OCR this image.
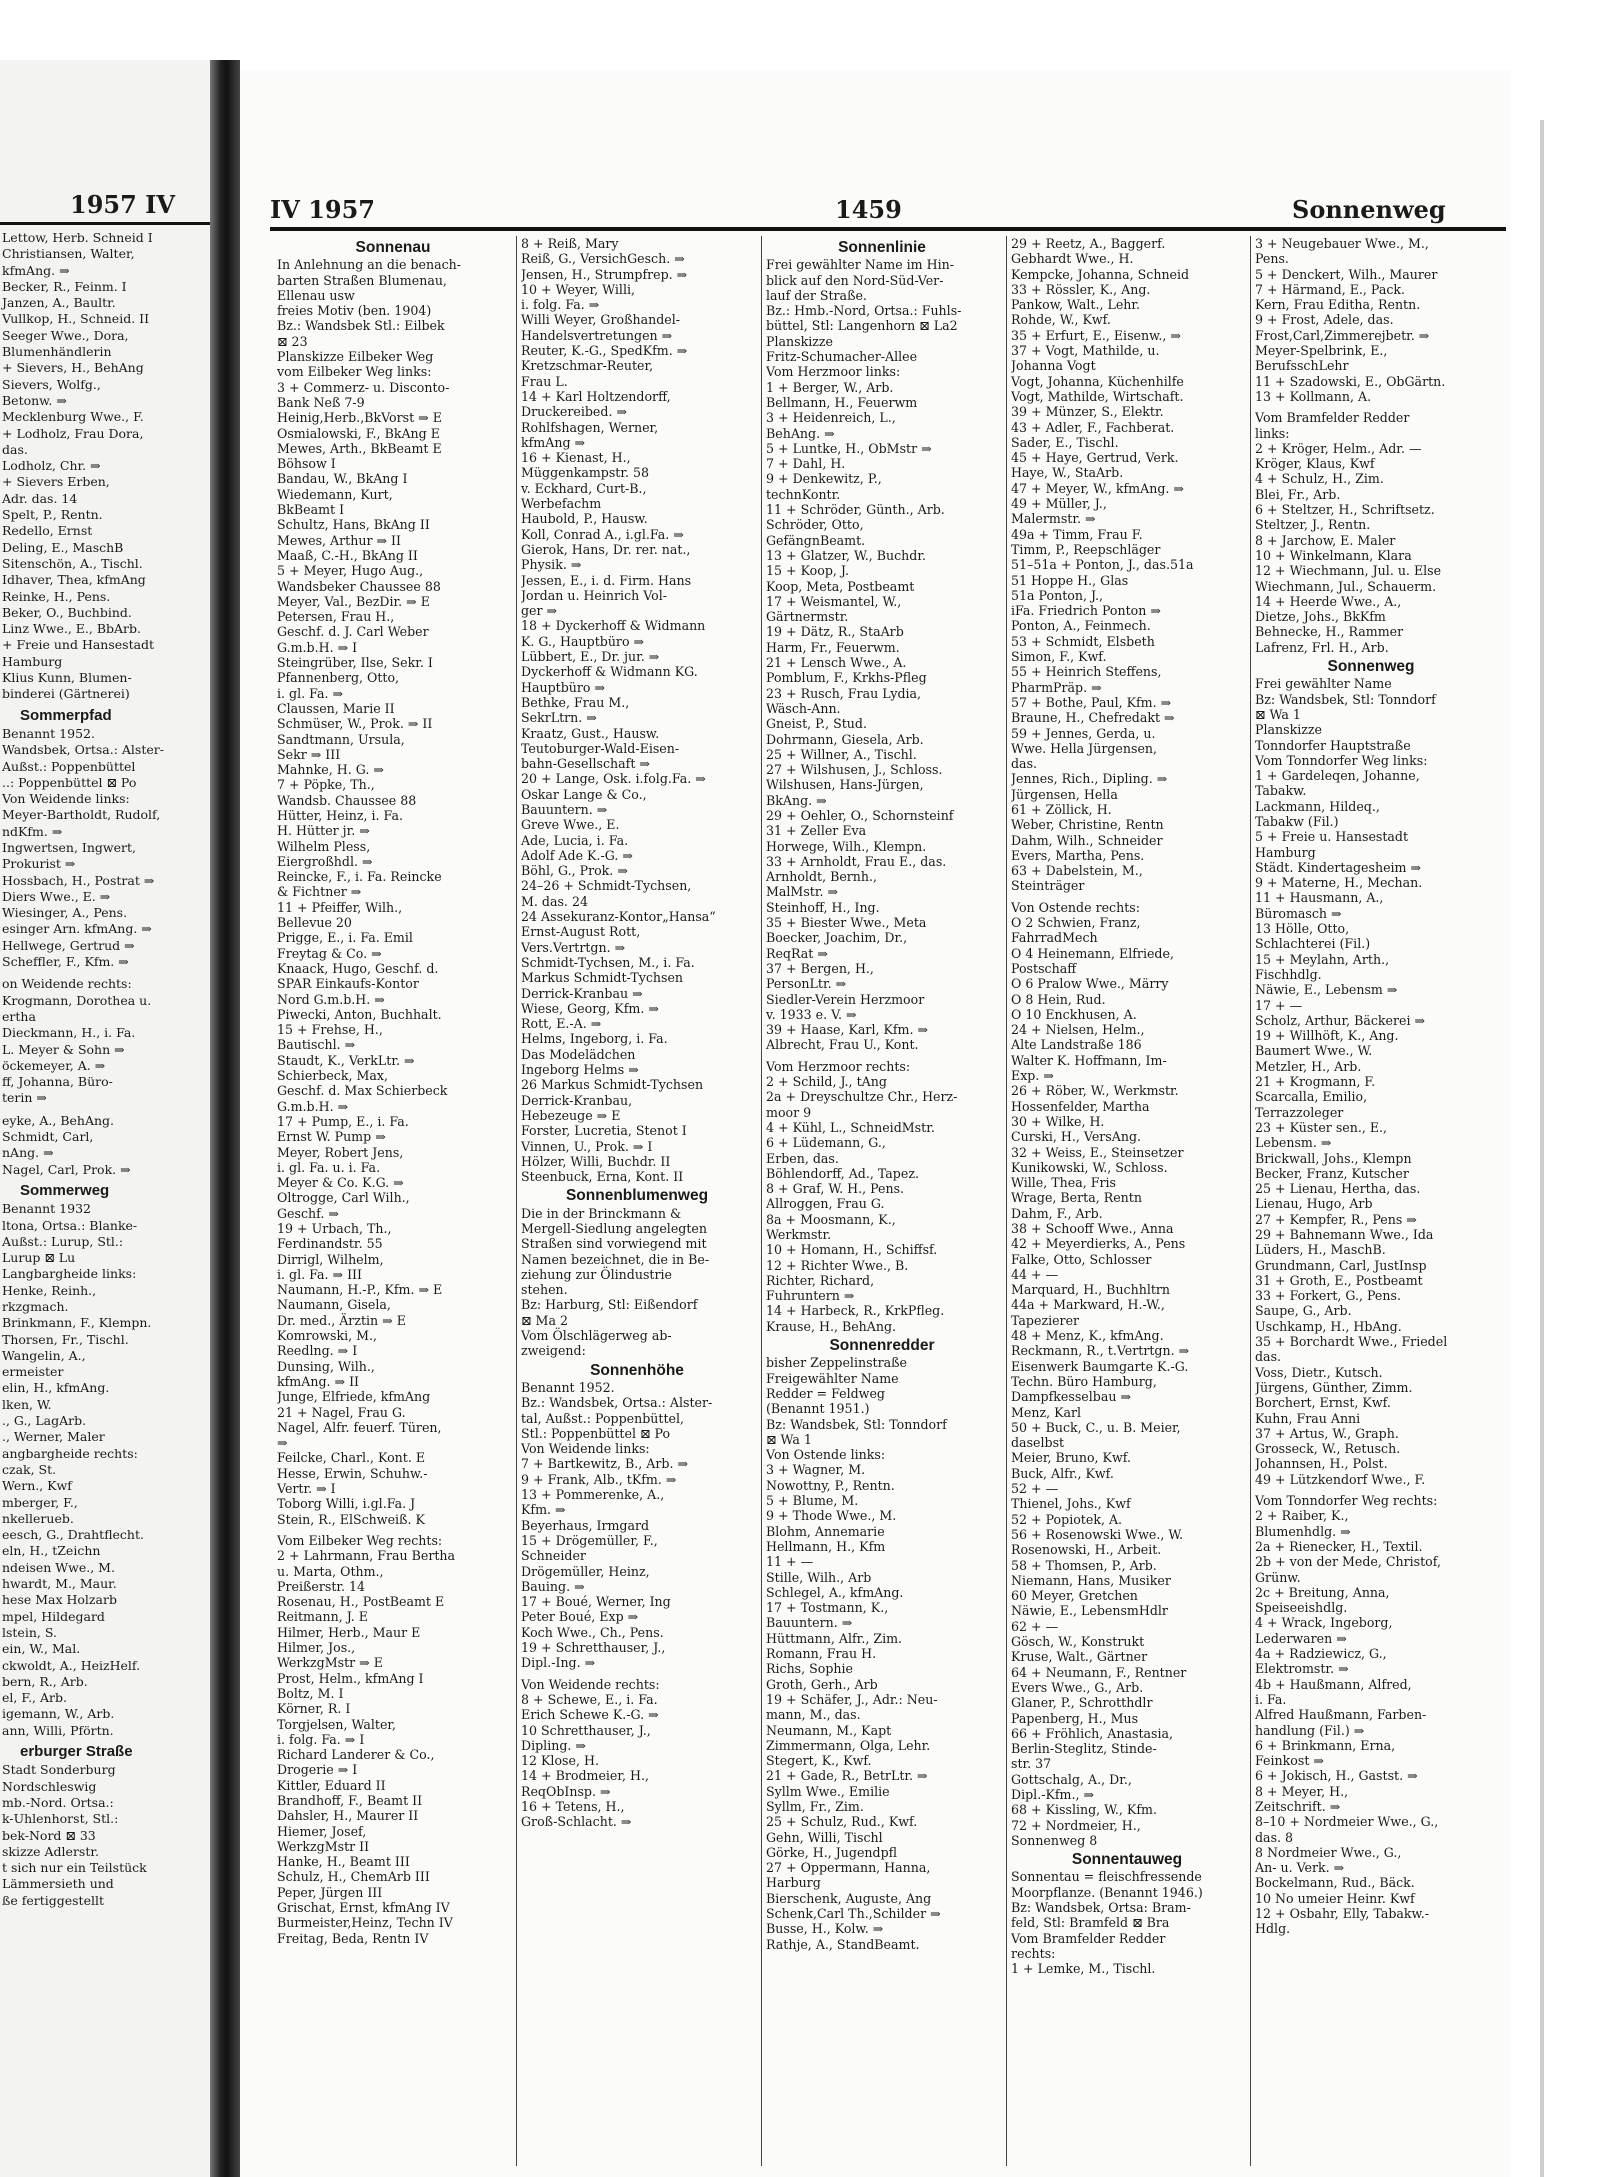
1957 IV
Lettow, Herb. Schneid I
Christiansen, Walter,
kfmAng. ⇒
Becker, R., Feinm. I
Janzen, A., Baultr.
Vullkop, H., Schneid. II
Seeger Wwe., Dora,
Blumenhändlerin
+ Sievers, H., BehAng
Sievers, Wolfg.,
Betonw. ⇒
Mecklenburg Wwe., F.
+ Lodholz, Frau Dora,
das.
Lodholz, Chr. ⇒
+ Sievers Erben,
Adr. das. 14
Spelt, P., Rentn.
Redello, Ernst
Deling, E., MaschB
Sitenschön, A., Tischl.
Idhaver, Thea, kfmAng
Reinke, H., Pens.
Beker, O., Buchbind.
Linz Wwe., E., BbArb.
+ Freie und Hansestadt
Hamburg
Klius Kunn, Blumen-
binderei (Gärtnerei)
Sommerpfad
Benannt 1952.
Wandsbek, Ortsa.: Alster-
Außst.: Poppenbüttel
..: Poppenbüttel ⊠ Po
Von Weidende links:
Meyer-Bartholdt, Rudolf,
ndKfm. ⇒
Ingwertsen, Ingwert,
Prokurist ⇒
Hossbach, H., Postrat ⇒
Diers Wwe., E. ⇒
Wiesinger, A., Pens.
esinger Arn. kfmAng. ⇒
Hellwege, Gertrud ⇒
Scheffler, F., Kfm. ⇒
on Weidende rechts:
Krogmann, Dorothea u.
ertha
Dieckmann, H., i. Fa.
L. Meyer & Sohn ⇒
öckemeyer, A. ⇒
ff, Johanna, Büro-
terin ⇒
eyke, A., BehAng.
Schmidt, Carl,
nAng. ⇒
Nagel, Carl, Prok. ⇒
Sommerweg
Benannt 1932
ltona, Ortsa.: Blanke-
Außst.: Lurup, Stl.:
Lurup ⊠ Lu
Langbargheide links:
Henke, Reinh.,
rkzgmach.
Brinkmann, F., Klempn.
Thorsen, Fr., Tischl.
Wangelin, A.,
ermeister
elin, H., kfmAng.
lken, W.
., G., LagArb.
., Werner, Maler
angbargheide rechts:
czak, St.
Wern., Kwf
mberger, F.,
nkellerueb.
eesch, G., Drahtflecht.
eln, H., tZeichn
ndeisen Wwe., M.
hwardt, M., Maur.
hese Max Holzarb
mpel, Hildegard
lstein, S.
ein, W., Mal.
ckwoldt, A., HeizHelf.
bern, R., Arb.
el, F., Arb.
igemann, W., Arb.
ann, Willi, Pförtn.
erburger Straße
Stadt Sonderburg
Nordschleswig
mb.-Nord. Ortsa.:
k-Uhlenhorst, Stl.:
bek-Nord ⊠ 33
skizze Adlerstr.
t sich nur ein Teilstück
Lämmersieth und
ße fertiggestellt
IV 1957	1459	Sonnenweg
Sonnenau
In Anlehnung an die benach-
barten Straßen Blumenau,
Ellenau usw
freies Motiv (ben. 1904)
Bz.: Wandsbek Stl.: Eilbek
⊠ 23
Planskizze Eilbeker Weg
vom Eilbeker Weg links:
3 + Commerz- u. Disconto-
Bank Neß 7-9
Heinig,Herb.,BkVorst ⇒ E
Osmialowski, F., BkAng E
Mewes, Arth., BkBeamt E
Böhsow I
Bandau, W., BkAng I
Wiedemann, Kurt,
BkBeamt I
Schultz, Hans, BkAng II
Mewes, Arthur ⇒ II
Maaß, C.-H., BkAng II
5 + Meyer, Hugo Aug.,
Wandsbeker Chaussee 88
Meyer, Val., BezDir. ⇒ E
Petersen, Frau H.,
Geschf. d. J. Carl Weber
G.m.b.H. ⇒ I
Steingrüber, Ilse, Sekr. I
Pfannenberg, Otto,
i. gl. Fa. ⇒
Claussen, Marie II
Schmüser, W., Prok. ⇒ II
Sandtmann, Ursula,
Sekr ⇒ III
Mahnke, H. G. ⇒
7 + Pöpke, Th.,
Wandsb. Chaussee 88
Hütter, Heinz, i. Fa.
H. Hütter jr. ⇒
Wilhelm Pless,
Eiergroßhdl. ⇒
Reincke, F., i. Fa. Reincke
& Fichtner ⇒
11 + Pfeiffer, Wilh.,
Bellevue 20
Prigge, E., i. Fa. Emil
Freytag & Co. ⇒
Knaack, Hugo, Geschf. d.
SPAR Einkaufs-Kontor
Nord G.m.b.H. ⇒
Piwecki, Anton, Buchhalt.
15 + Frehse, H.,
Bautischl. ⇒
Staudt, K., VerkLtr. ⇒
Schierbeck, Max,
Geschf. d. Max Schierbeck
G.m.b.H. ⇒
17 + Pump, E., i. Fa.
Ernst W. Pump ⇒
Meyer, Robert Jens,
i. gl. Fa. u. i. Fa.
Meyer & Co. K.G. ⇒
Oltrogge, Carl Wilh.,
Geschf. ⇒
19 + Urbach, Th.,
Ferdinandstr. 55
Dirrigl, Wilhelm,
i. gl. Fa. ⇒ III
Naumann, H.-P., Kfm. ⇒ E
Naumann, Gisela,
Dr. med., Ärztin ⇒ E
Komrowski, M.,
Reedlng. ⇒ I
Dunsing, Wilh.,
kfmAng. ⇒ II
Junge, Elfriede, kfmAng
21 + Nagel, Frau G.
Nagel, Alfr. feuerf. Türen,
⇒
Feilcke, Charl., Kont. E
Hesse, Erwin, Schuhw.-
Vertr. ⇒ I
Toborg Willi, i.gl.Fa. J
Stein, R., ElSchweiß. K
Vom Eilbeker Weg rechts:
2 + Lahrmann, Frau Bertha
u. Marta, Othm.,
Preißerstr. 14
Rosenau, H., PostBeamt E
Reitmann, J. E
Hilmer, Herb., Maur E
Hilmer, Jos.,
WerkzgMstr ⇒ E
Prost, Helm., kfmAng I
Boltz, M. I
Körner, R. I
Torgjelsen, Walter,
i. folg. Fa. ⇒ I
Richard Landerer & Co.,
Drogerie ⇒ I
Kittler, Eduard II
Brandhoff, F., Beamt II
Dahsler, H., Maurer II
Hiemer, Josef,
WerkzgMstr II
Hanke, H., Beamt III
Schulz, H., ChemArb III
Peper, Jürgen III
Grischat, Ernst, kfmAng IV
Burmeister,Heinz, Techn IV
Freitag, Beda, Rentn IV
8 + Reiß, Mary
Reiß, G., VersichGesch. ⇒
Jensen, H., Strumpfrep. ⇒
10 + Weyer, Willi,
i. folg. Fa. ⇒
Willi Weyer, Großhandel-
Handelsvertretungen ⇒
Reuter, K.-G., SpedKfm. ⇒
Kretzschmar-Reuter,
Frau L.
14 + Karl Holtzendorff,
Druckereibed. ⇒
Rohlfshagen, Werner,
kfmAng ⇒
16 + Kienast, H.,
Müggenkampstr. 58
v. Eckhard, Curt-B.,
Werbefachm
Haubold, P., Hausw.
Koll, Conrad A., i.gl.Fa. ⇒
Gierok, Hans, Dr. rer. nat.,
Physik. ⇒
Jessen, E., i. d. Firm. Hans
Jordan u. Heinrich Vol-
ger ⇒
18 + Dyckerhoff & Widmann
K. G., Hauptbüro ⇒
Lübbert, E., Dr. jur. ⇒
Dyckerhoff & Widmann KG.
Hauptbüro ⇒
Bethke, Frau M.,
SekrLtrn. ⇒
Kraatz, Gust., Hausw.
Teutoburger-Wald-Eisen-
bahn-Gesellschaft ⇒
20 + Lange, Osk. i.folg.Fa. ⇒
Oskar Lange & Co.,
Bauuntern. ⇒
Greve Wwe., E.
Ade, Lucia, i. Fa.
Adolf Ade K.-G. ⇒
Böhl, G., Prok. ⇒
24–26 + Schmidt-Tychsen,
M. das. 24
24 Assekuranz-Kontor„Hansa“
Ernst-August Rott,
Vers.Vertrtgn. ⇒
Schmidt-Tychsen, M., i. Fa.
Markus Schmidt-Tychsen
Derrick-Kranbau ⇒
Wiese, Georg, Kfm. ⇒
Rott, E.-A. ⇒
Helms, Ingeborg, i. Fa.
Das Modelädchen
Ingeborg Helms ⇒
26 Markus Schmidt-Tychsen
Derrick-Kranbau,
Hebezeuge ⇒ E
Forster, Lucretia, Stenot I
Vinnen, U., Prok. ⇒ I
Hölzer, Willi, Buchdr. II
Steenbuck, Erna, Kont. II
Sonnenblumenweg
Die in der Brinckmann &
Mergell-Siedlung angelegten
Straßen sind vorwiegend mit
Namen bezeichnet, die in Be-
ziehung zur Ölindustrie
stehen.
Bz: Harburg, Stl: Eißendorf
⊠ Ma 2
Vom Ölschlägerweg ab-
zweigend:
Sonnenhöhe
Benannt 1952.
Bz.: Wandsbek, Ortsa.: Alster-
tal, Außst.: Poppenbüttel,
Stl.: Poppenbüttel ⊠ Po
Von Weidende links:
7 + Bartkewitz, B., Arb. ⇒
9 + Frank, Alb., tKfm. ⇒
13 + Pommerenke, A.,
Kfm. ⇒
Beyerhaus, Irmgard
15 + Drögemüller, F.,
Schneider
Drögemüller, Heinz,
Bauing. ⇒
17 + Boué, Werner, Ing
Peter Boué, Exp ⇒
Koch Wwe., Ch., Pens.
19 + Schretthauser, J.,
Dipl.-Ing. ⇒
Von Weidende rechts:
8 + Schewe, E., i. Fa.
Erich Schewe K.-G. ⇒
10 Schretthauser, J.,
Dipling. ⇒
12 Klose, H.
14 + Brodmeier, H.,
ReqObInsp. ⇒
16 + Tetens, H.,
Groß-Schlacht. ⇒
Sonnenlinie
Frei gewählter Name im Hin-
blick auf den Nord-Süd-Ver-
lauf der Straße.
Bz.: Hmb.-Nord, Ortsa.: Fuhls-
büttel, Stl: Langenhorn ⊠ La2
Planskizze
Fritz-Schumacher-Allee
Vom Herzmoor links:
1 + Berger, W., Arb.
Bellmann, H., Feuerwm
3 + Heidenreich, L.,
BehAng. ⇒
5 + Luntke, H., ObMstr ⇒
7 + Dahl, H.
9 + Denkewitz, P.,
technKontr.
11 + Schröder, Günth., Arb.
Schröder, Otto,
GefängnBeamt.
13 + Glatzer, W., Buchdr.
15 + Koop, J.
Koop, Meta, Postbeamt
17 + Weismantel, W.,
Gärtnermstr.
19 + Dätz, R., StaArb
Harm, Fr., Feuerwm.
21 + Lensch Wwe., A.
Pomblum, F., Krkhs-Pfleg
23 + Rusch, Frau Lydia,
Wäsch-Ann.
Gneist, P., Stud.
Dohrmann, Giesela, Arb.
25 + Willner, A., Tischl.
27 + Wilshusen, J., Schloss.
Wilshusen, Hans-Jürgen,
BkAng. ⇒
29 + Oehler, O., Schornsteinf
31 + Zeller Eva
Horwege, Wilh., Klempn.
33 + Arnholdt, Frau E., das.
Arnholdt, Bernh.,
MalMstr. ⇒
Steinhoff, H., Ing.
35 + Biester Wwe., Meta
Boecker, Joachim, Dr.,
ReqRat ⇒
37 + Bergen, H.,
PersonLtr. ⇒
Siedler-Verein Herzmoor
v. 1933 e. V. ⇒
39 + Haase, Karl, Kfm. ⇒
Albrecht, Frau U., Kont.
Vom Herzmoor rechts:
2 + Schild, J., tAng
2a + Dreyschultze Chr., Herz-
moor 9
4 + Kühl, L., SchneidMstr.
6 + Lüdemann, G.,
Erben, das.
Böhlendorff, Ad., Tapez.
8 + Graf, W. H., Pens.
Allroggen, Frau G.
8a + Moosmann, K.,
Werkmstr.
10 + Homann, H., Schiffsf.
12 + Richter Wwe., B.
Richter, Richard,
Fuhruntern ⇒
14 + Harbeck, R., KrkPfleg.
Krause, H., BehAng.
Sonnenredder
bisher Zeppelinstraße
Freigewählter Name
Redder = Feldweg
(Benannt 1951.)
Bz: Wandsbek, Stl: Tonndorf
⊠ Wa 1
Von Ostende links:
3 + Wagner, M.
Nowottny, P., Rentn.
5 + Blume, M.
9 + Thode Wwe., M.
Blohm, Annemarie
Hellmann, H., Kfm
11 + —
Stille, Wilh., Arb
Schlegel, A., kfmAng.
17 + Tostmann, K.,
Bauuntern. ⇒
Hüttmann, Alfr., Zim.
Romann, Frau H.
Richs, Sophie
Groth, Gerh., Arb
19 + Schäfer, J., Adr.: Neu-
mann, M., das.
Neumann, M., Kapt
Zimmermann, Olga, Lehr.
Stegert, K., Kwf.
21 + Gade, R., BetrLtr. ⇒
Syllm Wwe., Emilie
Syllm, Fr., Zim.
25 + Schulz, Rud., Kwf.
Gehn, Willi, Tischl
Görke, H., Jugendpfl
27 + Oppermann, Hanna,
Harburg
Bierschenk, Auguste, Ang
Schenk,Carl Th.,Schilder ⇒
Busse, H., Kolw. ⇒
Rathje, A., StandBeamt.
29 + Reetz, A., Baggerf.
Gebhardt Wwe., H.
Kempcke, Johanna, Schneid
33 + Rössler, K., Ang.
Pankow, Walt., Lehr.
Rohde, W., Kwf.
35 + Erfurt, E., Eisenw., ⇒
37 + Vogt, Mathilde, u.
Johanna Vogt
Vogt, Johanna, Küchenhilfe
Vogt, Mathilde, Wirtschaft.
39 + Münzer, S., Elektr.
43 + Adler, F., Fachberat.
Sader, E., Tischl.
45 + Haye, Gertrud, Verk.
Haye, W., StaArb.
47 + Meyer, W., kfmAng. ⇒
49 + Müller, J.,
Malermstr. ⇒
49a + Timm, Frau F.
Timm, P., Reepschläger
51–51a + Ponton, J., das.51a
51 Hoppe H., Glas
51a Ponton, J.,
iFa. Friedrich Ponton ⇒
Ponton, A., Feinmech.
53 + Schmidt, Elsbeth
Simon, F., Kwf.
55 + Heinrich Steffens,
PharmPräp. ⇒
57 + Bothe, Paul, Kfm. ⇒
Braune, H., Chefredakt ⇒
59 + Jennes, Gerda, u.
Wwe. Hella Jürgensen,
das.
Jennes, Rich., Dipling. ⇒
Jürgensen, Hella
61 + Zöllick, H.
Weber, Christine, Rentn
Dahm, Wilh., Schneider
Evers, Martha, Pens.
63 + Dabelstein, M.,
Steinträger
Von Ostende rechts:
O 2 Schwien, Franz,
FahrradMech
O 4 Heinemann, Elfriede,
Postschaff
O 6 Pralow Wwe., Märry
O 8 Hein, Rud.
O 10 Enckhusen, A.
24 + Nielsen, Helm.,
Alte Landstraße 186
Walter K. Hoffmann, Im-
Exp. ⇒
26 + Röber, W., Werkmstr.
Hossenfelder, Martha
30 + Wilke, H.
Curski, H., VersAng.
32 + Weiss, E., Steinsetzer
Kunikowski, W., Schloss.
Wille, Thea, Fris
Wrage, Berta, Rentn
Dahm, F., Arb.
38 + Schooff Wwe., Anna
42 + Meyerdierks, A., Pens
Falke, Otto, Schlosser
44 + —
Marquard, H., Buchhltrn
44a + Markward, H.-W.,
Tapezierer
48 + Menz, K., kfmAng.
Reckmann, R., t.Vertrtgn. ⇒
Eisenwerk Baumgarte K.-G.
Techn. Büro Hamburg,
Dampfkesselbau ⇒
Menz, Karl
50 + Buck, C., u. B. Meier,
daselbst
Meier, Bruno, Kwf.
Buck, Alfr., Kwf.
52 + —
Thienel, Johs., Kwf
52 + Popiotek, A.
56 + Rosenowski Wwe., W.
Rosenowski, H., Arbeit.
58 + Thomsen, P., Arb.
Niemann, Hans, Musiker
60 Meyer, Gretchen
Näwie, E., LebensmHdlr
62 + —
Gösch, W., Konstrukt
Kruse, Walt., Gärtner
64 + Neumann, F., Rentner
Evers Wwe., G., Arb.
Glaner, P., Schrotthdlr
Papenberg, H., Mus
66 + Fröhlich, Anastasia,
Berlin-Steglitz, Stinde-
str. 37
Gottschalg, A., Dr.,
Dipl.-Kfm., ⇒
68 + Kissling, W., Kfm.
72 + Nordmeier, H.,
Sonnenweg 8
Sonnentauweg
Sonnentau = fleischfressende
Moorpflanze. (Benannt 1946.)
Bz: Wandsbek, Ortsa: Bram-
feld, Stl: Bramfeld ⊠ Bra
Vom Bramfelder Redder
rechts:
1 + Lemke, M., Tischl.
3 + Neugebauer Wwe., M.,
Pens.
5 + Denckert, Wilh., Maurer
7 + Härmand, E., Pack.
Kern, Frau Editha, Rentn.
9 + Frost, Adele, das.
Frost,Carl,Zimmerejbetr. ⇒
Meyer-Spelbrink, E.,
BerufsschLehr
11 + Szadowski, E., ObGärtn.
13 + Kollmann, A.
Vom Bramfelder Redder
links:
2 + Kröger, Helm., Adr. —
Kröger, Klaus, Kwf
4 + Schulz, H., Zim.
Blei, Fr., Arb.
6 + Steltzer, H., Schriftsetz.
Steltzer, J., Rentn.
8 + Jarchow, E. Maler
10 + Winkelmann, Klara
12 + Wiechmann, Jul. u. Else
Wiechmann, Jul., Schauerm.
14 + Heerde Wwe., A.,
Dietze, Johs., BkKfm
Behnecke, H., Rammer
Lafrenz, Frl. H., Arb.
Sonnenweg
Frei gewählter Name
Bz: Wandsbek, Stl: Tonndorf
⊠ Wa 1
Planskizze
Tonndorfer Hauptstraße
Vom Tonndorfer Weg links:
1 + Gardeleqen, Johanne,
Tabakw.
Lackmann, Hildeq.,
Tabakw (Fil.)
5 + Freie u. Hansestadt
Hamburg
Städt. Kindertagesheim ⇒
9 + Materne, H., Mechan.
11 + Hausmann, A.,
Büromasch ⇒
13 Hölle, Otto,
Schlachterei (Fil.)
15 + Meylahn, Arth.,
Fischhdlg.
Näwie, E., Lebensm ⇒
17 + —
Scholz, Arthur, Bäckerei ⇒
19 + Willhöft, K., Ang.
Baumert Wwe., W.
Metzler, H., Arb.
21 + Krogmann, F.
Scarcalla, Emilio,
Terrazzoleger
23 + Küster sen., E.,
Lebensm. ⇒
Brickwall, Johs., Klempn
Becker, Franz, Kutscher
25 + Lienau, Hertha, das.
Lienau, Hugo, Arb
27 + Kempfer, R., Pens ⇒
29 + Bahnemann Wwe., Ida
Lüders, H., MaschB.
Grundmann, Carl, JustInsp
31 + Groth, E., Postbeamt
33 + Forkert, G., Pens.
Saupe, G., Arb.
Uschkamp, H., HbAng.
35 + Borchardt Wwe., Friedel
das.
Voss, Dietr., Kutsch.
Jürgens, Günther, Zimm.
Borchert, Ernst, Kwf.
Kuhn, Frau Anni
37 + Artus, W., Graph.
Grosseck, W., Retusch.
Johannsen, H., Polst.
49 + Lützkendorf Wwe., F.
Vom Tonndorfer Weg rechts:
2 + Raiber, K.,
Blumenhdlg. ⇒
2a + Rienecker, H., Textil.
2b + von der Mede, Christof,
Grünw.
2c + Breitung, Anna,
Speiseeishdlg.
4 + Wrack, Ingeborg,
Lederwaren ⇒
4a + Radziewicz, G.,
Elektromstr. ⇒
4b + Haußmann, Alfred,
i. Fa.
Alfred Haußmann, Farben-
handlung (Fil.) ⇒
6 + Brinkmann, Erna,
Feinkost ⇒
6 + Jokisch, H., Gastst. ⇒
8 + Meyer, H.,
Zeitschrift. ⇒
8–10 + Nordmeier Wwe., G.,
das. 8
8 Nordmeier Wwe., G.,
An- u. Verk. ⇒
Bockelmann, Rud., Bäck.
10 No umeier Heinr. Kwf
12 + Osbahr, Elly, Tabakw.-
Hdlg.
